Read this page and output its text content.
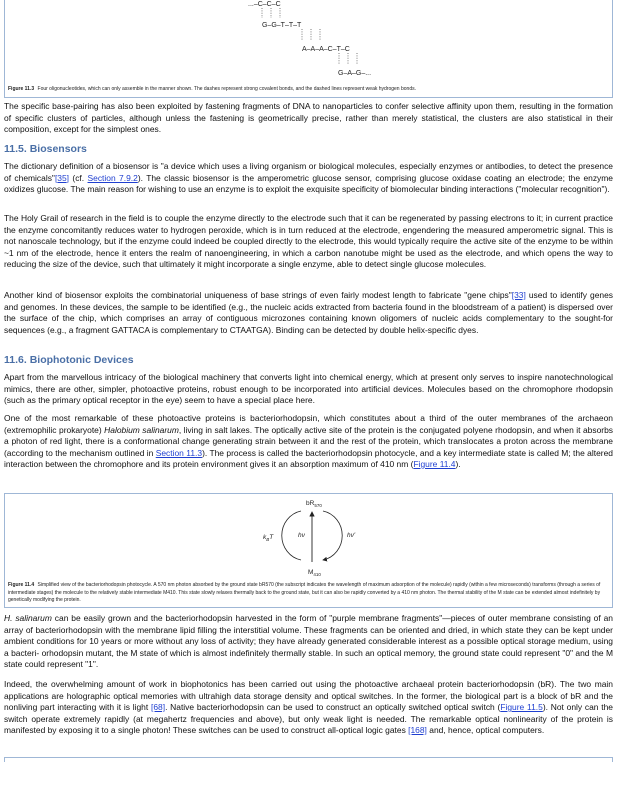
...–C–C–C
G–G–T–T–T
A–A–A–C–T–C
G–A–G–...
Figure 11.3 Four oligonucleotides, which can only assemble in the manner shown. The dashes represent strong covalent bonds, and the dashed lines represent weak hydrogen bonds.

The specific base-pairing has also been exploited by fastening fragments of DNA to nanoparticles to confer selective affinity upon them, resulting in the formation of specific clusters of particles, although unless the fastening is geometrically precise, rather than merely statistical, the clusters are also statistical in their composition, except for the simplest ones.

11.5. Biosensors

The dictionary definition of a biosensor is "a device which uses a living organism or biological molecules, especially enzymes or antibodies, to detect the presence of chemicals"[35] (cf. Section 7.9.2). The classic biosensor is the amperometric glucose sensor, comprising glucose oxidase coating an electrode; the enzyme oxidizes glucose. The main reason for wishing to use an enzyme is to exploit the exquisite specificity of biomolecular binding interactions ("molecular recognition").

The Holy Grail of research in the field is to couple the enzyme directly to the electrode such that it can be regenerated by passing electrons to it; in current practice the enzyme concomitantly reduces water to hydrogen peroxide, which is in turn reduced at the electrode, engendering the measured amperometric signal. This is not nanoscale technology, but if the enzyme could indeed be coupled directly to the electrode, this would typically require the active site of the enzyme to be within ~1 nm of the electrode, hence it enters the realm of nanoengineering, in which a carbon nanotube might be used as the electrode, and which opens the way to reducing the size of the device, such that ultimately it might incorporate a single enzyme, able to detect single glucose molecules.

Another kind of biosensor exploits the combinatorial uniqueness of base strings of even fairly modest length to fabricate "gene chips"[33] used to identify genes and genomes. In these devices, the sample to be identified (e.g., the nucleic acids extracted from bacteria found in the bloodstream of a patient) is dispersed over the surface of the chip, which comprises an array of contiguous microzones containing known oligomers of nucleic acids complementary to the sought-for sequences (e.g., a fragment GATTACA is complementary to CTAATGA). Binding can be detected by double helix-specific dyes.

11.6. Biophotonic Devices

Apart from the marvellous intricacy of the biological machinery that converts light into chemical energy, which at present only serves to inspire nanotechnological mimics, there are other, simpler, photoactive proteins, robust enough to be incorporated into artificial devices. Molecules based on the chromophore rhodopsin (such as the primary optical receptor in the eye) seem to have a special place here.

One of the most remarkable of these photoactive proteins is bacteriorhodopsin, which constitutes about a third of the outer membranes of the archaeon (extremophilic prokaryote) Halobium salinarum, living in salt lakes. The optically active site of the protein is the conjugated polyene rhodopsin, and when it absorbs a photon of red light, there is a conformational change generating strain between it and the rest of the protein, which translocates a proton across the membrane (according to the mechanism outlined in Section 11.3). The process is called the bacteriorhodopsin photocycle, and a key intermediate state is called M; the altered interaction between the chromophore and its protein environment gives it an absorption maximum of 410 nm (Figure 11.4).

$bR_{570}$
$M_{410}$
$k_BT$	hν	hν'
Figure 11.4 Simplified view of the bacteriorhodopsin photocycle. A 570 nm photon absorbed by the ground state bR570 (the subscript indicates the wavelength of maximum adsorption of the molecule) rapidly (within a few microseconds) transforms (through a series of intermediate stages) the molecule to the relatively stable intermediate M410. This state slowly relaxes thermally back to the ground state, but it can also be rapidly converted by a 410 nm photon. The thermal stability of the M state can be extended almost indefinitely by genetically modifying the protein.

H. salinarum can be easily grown and the bacteriorhodopsin harvested in the form of "purple membrane fragments"—pieces of outer membrane consisting of an array of bacteriorhodopsin with the membrane lipid filling the interstitial volume. These fragments can be oriented and dried, in which state they can be kept under ambient conditions for 10 years or more without any loss of activity; they have already generated considerable interest as a possible optical storage medium, using a bacteri- orhodopsin mutant, the M state of which is almost indefinitely thermally stable. In such an optical memory, the ground state could represent "0" and the M state could represent "1".

Indeed, the overwhelming amount of work in biophotonics has been carried out using the photoactive archaeal protein bacteriorhodopsin (bR). The two main applications are holographic optical memories with ultrahigh data storage density and optical switches. In the former, the biological part is a block of bR and the nonliving part interacting with it is light [68]. Native bacteriorhodopsin can be used to construct an optically switched optical switch (Figure 11.5). Not only can the switch operate extremely rapidly (at megahertz frequencies and above), but only weak light is needed. The remarkable optical nonlinearity of the protein is manifested by exposing it to a single photon! These switches can be used to construct all-optical logic gates [168] and, hence, optical computers.
